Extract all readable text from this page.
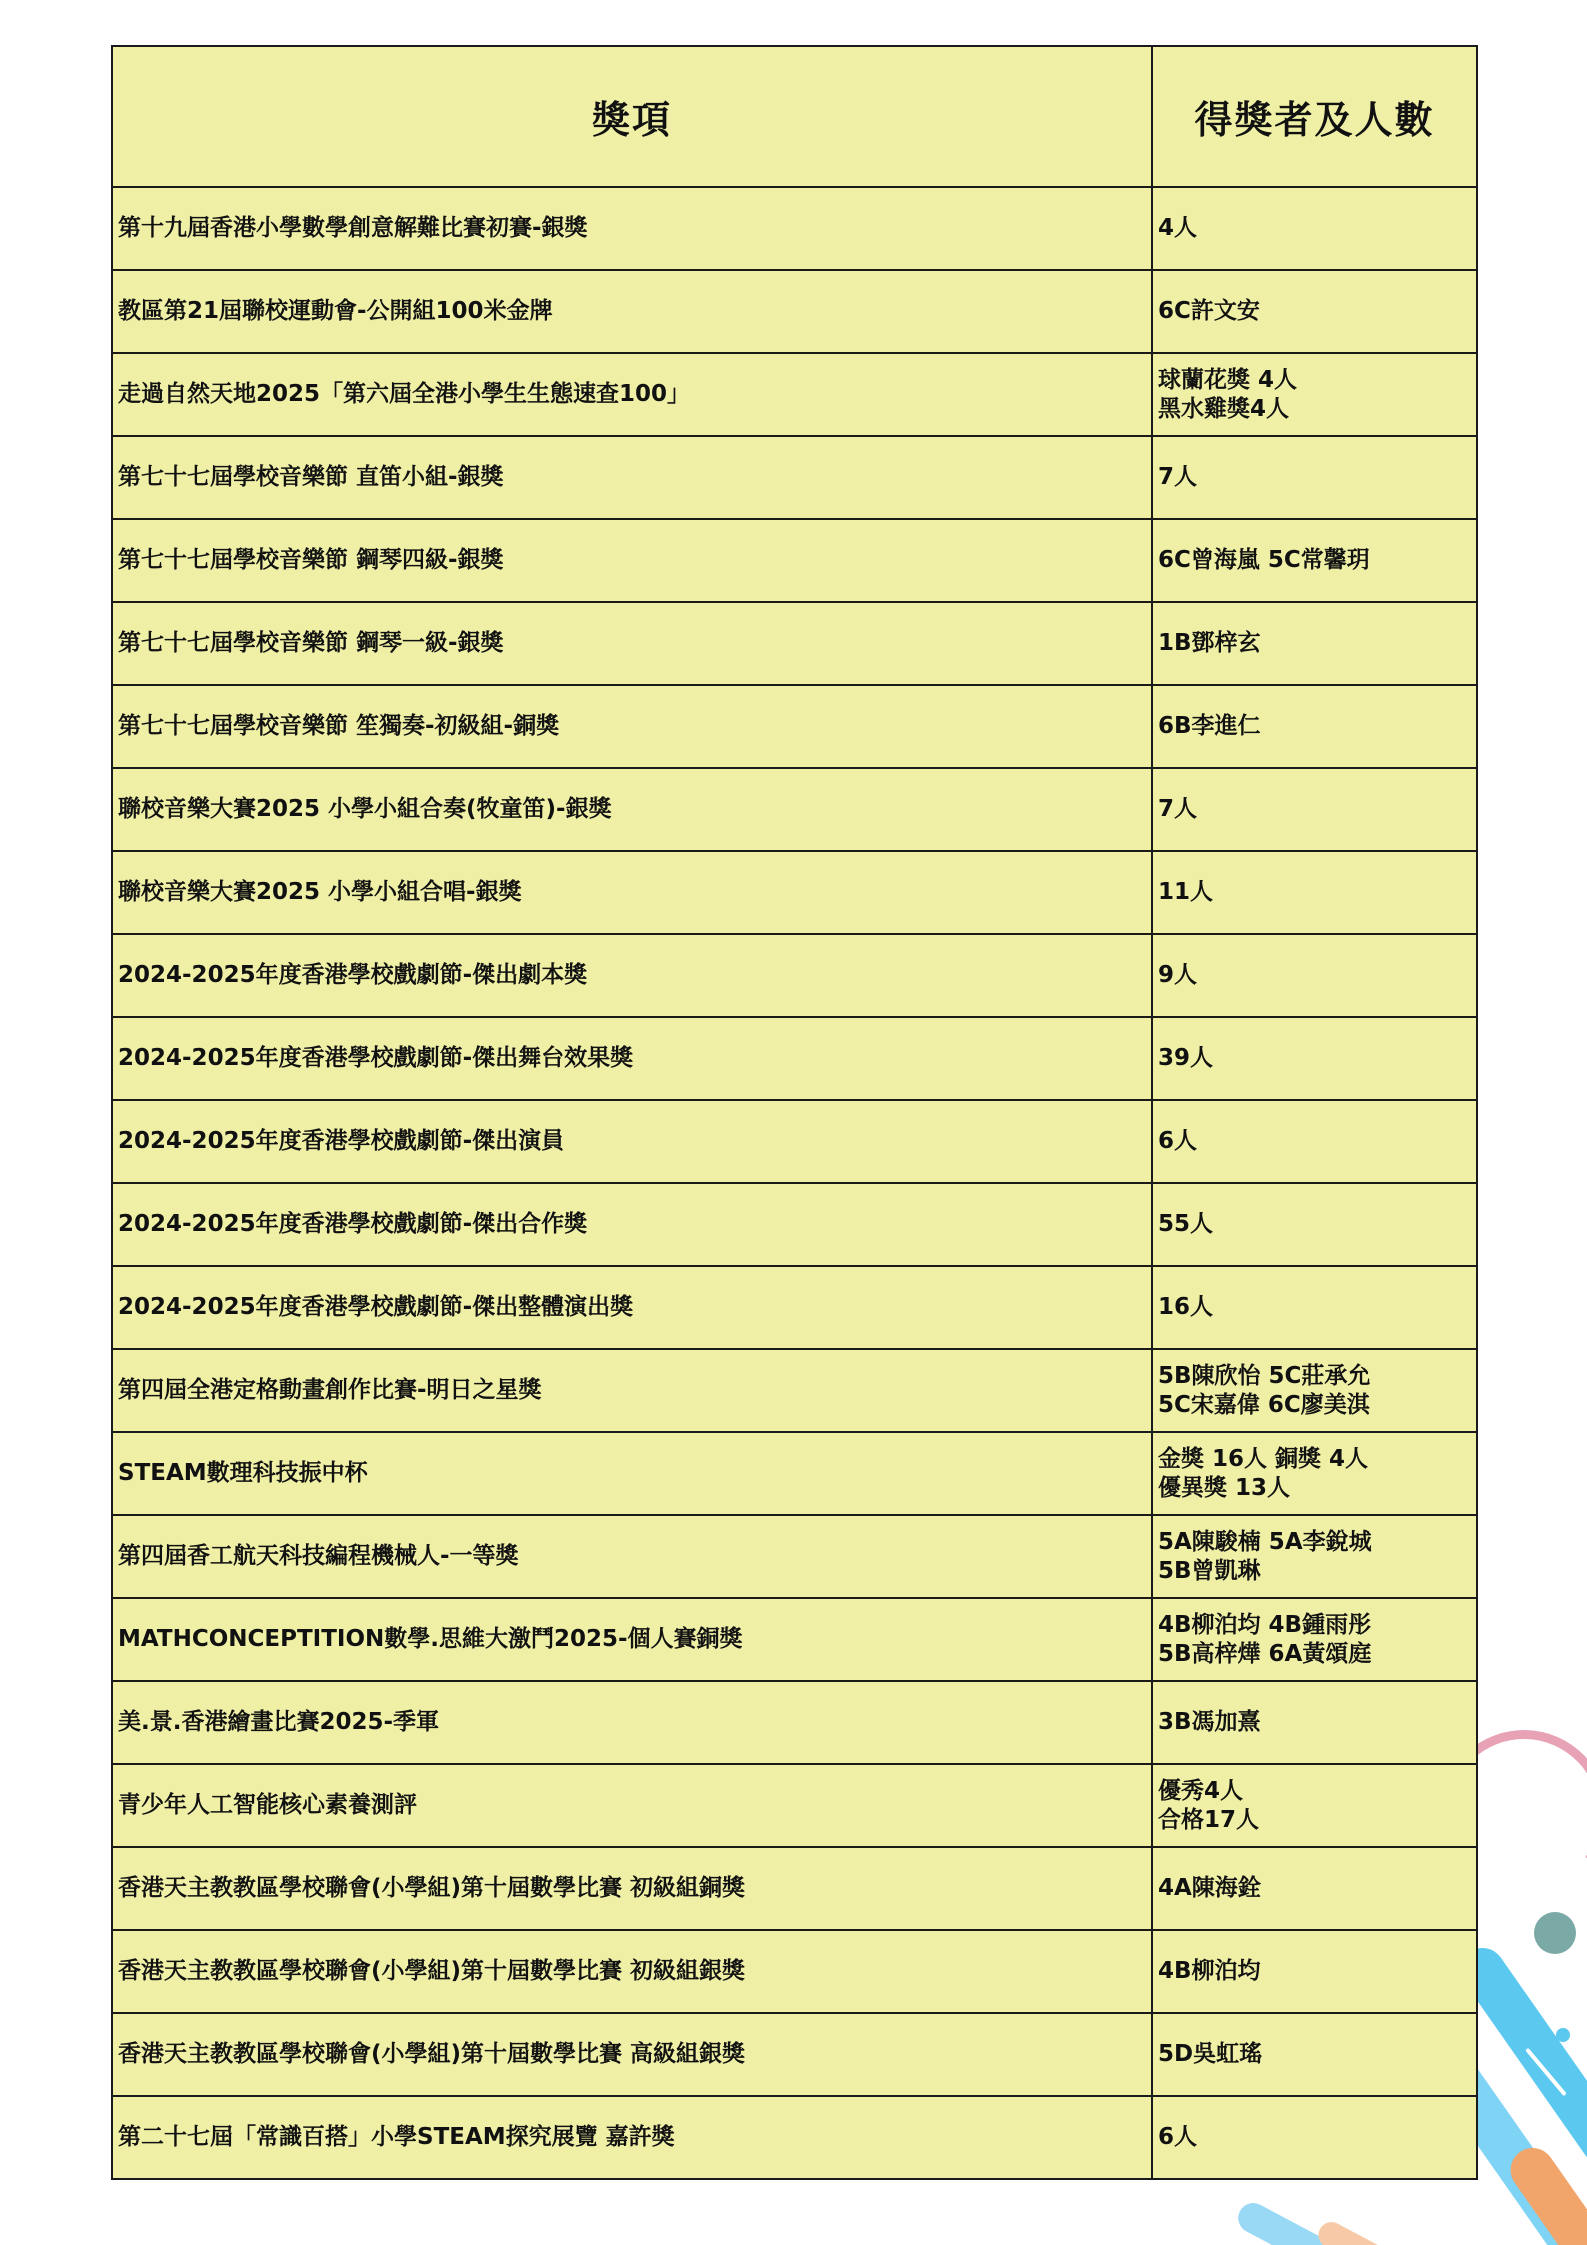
獎項	得獎者及人數
第十九屆香港小學數學創意解難比賽初賽-銀獎	4人

教區第21屆聯校運動會-公開組100米金牌	6C許文安

走過自然天地2025「第六屆全港小學生生態速查100」	球蘭花獎 4人
黑水雞獎4人

第七十七屆學校音樂節 直笛小組-銀獎	7人

第七十七屆學校音樂節 鋼琴四級-銀獎	6C曾海嵐 5C常馨玥

第七十七屆學校音樂節 鋼琴一級-銀獎	1B鄧梓玄

第七十七屆學校音樂節 笙獨奏-初級組-銅獎	6B李進仁

聯校音樂大賽2025 小學小組合奏(牧童笛)-銀獎	7人

聯校音樂大賽2025 小學小組合唱-銀獎	11人

2024-2025年度香港學校戲劇節-傑出劇本獎	9人

2024-2025年度香港學校戲劇節-傑出舞台效果獎	39人

2024-2025年度香港學校戲劇節-傑出演員	6人

2024-2025年度香港學校戲劇節-傑出合作獎	55人

2024-2025年度香港學校戲劇節-傑出整體演出獎	16人

第四屆全港定格動畫創作比賽-明日之星獎	5B陳欣怡 5C莊承允
5C宋嘉偉 6C廖美淇

STEAM數理科技振中杯	金獎 16人 銅獎 4人
優異獎 13人

第四屆香工航天科技編程機械人-一等獎	5A陳駿楠 5A李銳城
5B曾凱琳

MATHCONCEPTITION數學.思維大激鬥2025-個人賽銅獎	4B柳泊均 4B鍾雨彤
5B高梓燁 6A黃頌庭

美.景.香港繪畫比賽2025-季軍	3B馮加熹

青少年人工智能核心素養測評	優秀4人
合格17人

香港天主教教區學校聯會(小學組)第十屆數學比賽 初級組銅獎	4A陳海銓

香港天主教教區學校聯會(小學組)第十屆數學比賽 初級組銀獎	4B柳泊均

香港天主教教區學校聯會(小學組)第十屆數學比賽 高級組銀獎	5D吳虹瑤

第二十七屆「常識百搭」小學STEAM探究展覽 嘉許獎	6人
